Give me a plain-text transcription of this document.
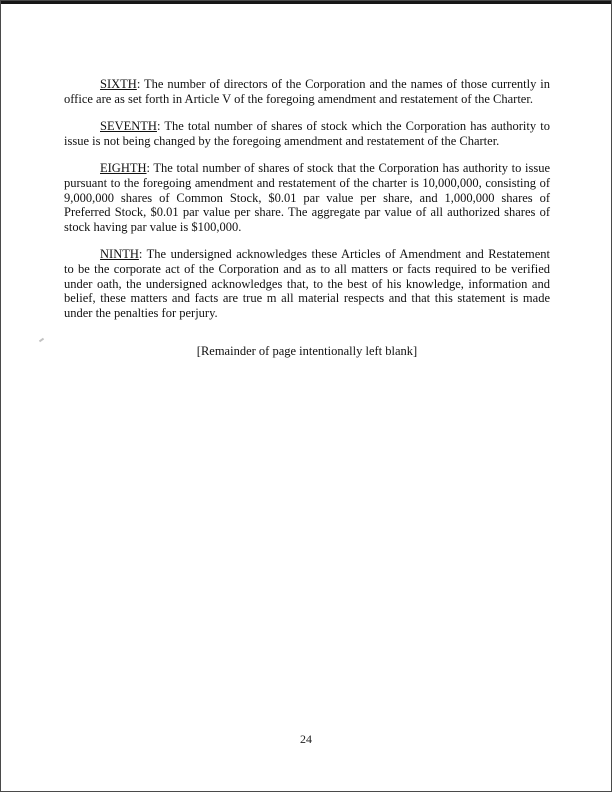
SIXTH: The number of directors of the Corporation and the names of those currently in office are as set forth in Article V of the foregoing amendment and restatement of the Charter.

SEVENTH: The total number of shares of stock which the Corporation has authority to issue is not being changed by the foregoing amendment and restatement of the Charter.

EIGHTH: The total number of shares of stock that the Corporation has authority to issue pursuant to the foregoing amendment and restatement of the charter is 10,000,000, consisting of 9,000,000 shares of Common Stock, $0.01 par value per share, and 1,000,000 shares of Preferred Stock, $0.01 par value per share. The aggregate par value of all authorized shares of stock having par value is $100,000.

NINTH: The undersigned acknowledges these Articles of Amendment and Restatement to be the corporate act of the Corporation and as to all matters or facts required to be verified under oath, the undersigned acknowledges that, to the best of his knowledge, information and belief, these matters and facts are true m all material respects and that this statement is made under the penalties for perjury.

[Remainder of page intentionally left blank]

24
